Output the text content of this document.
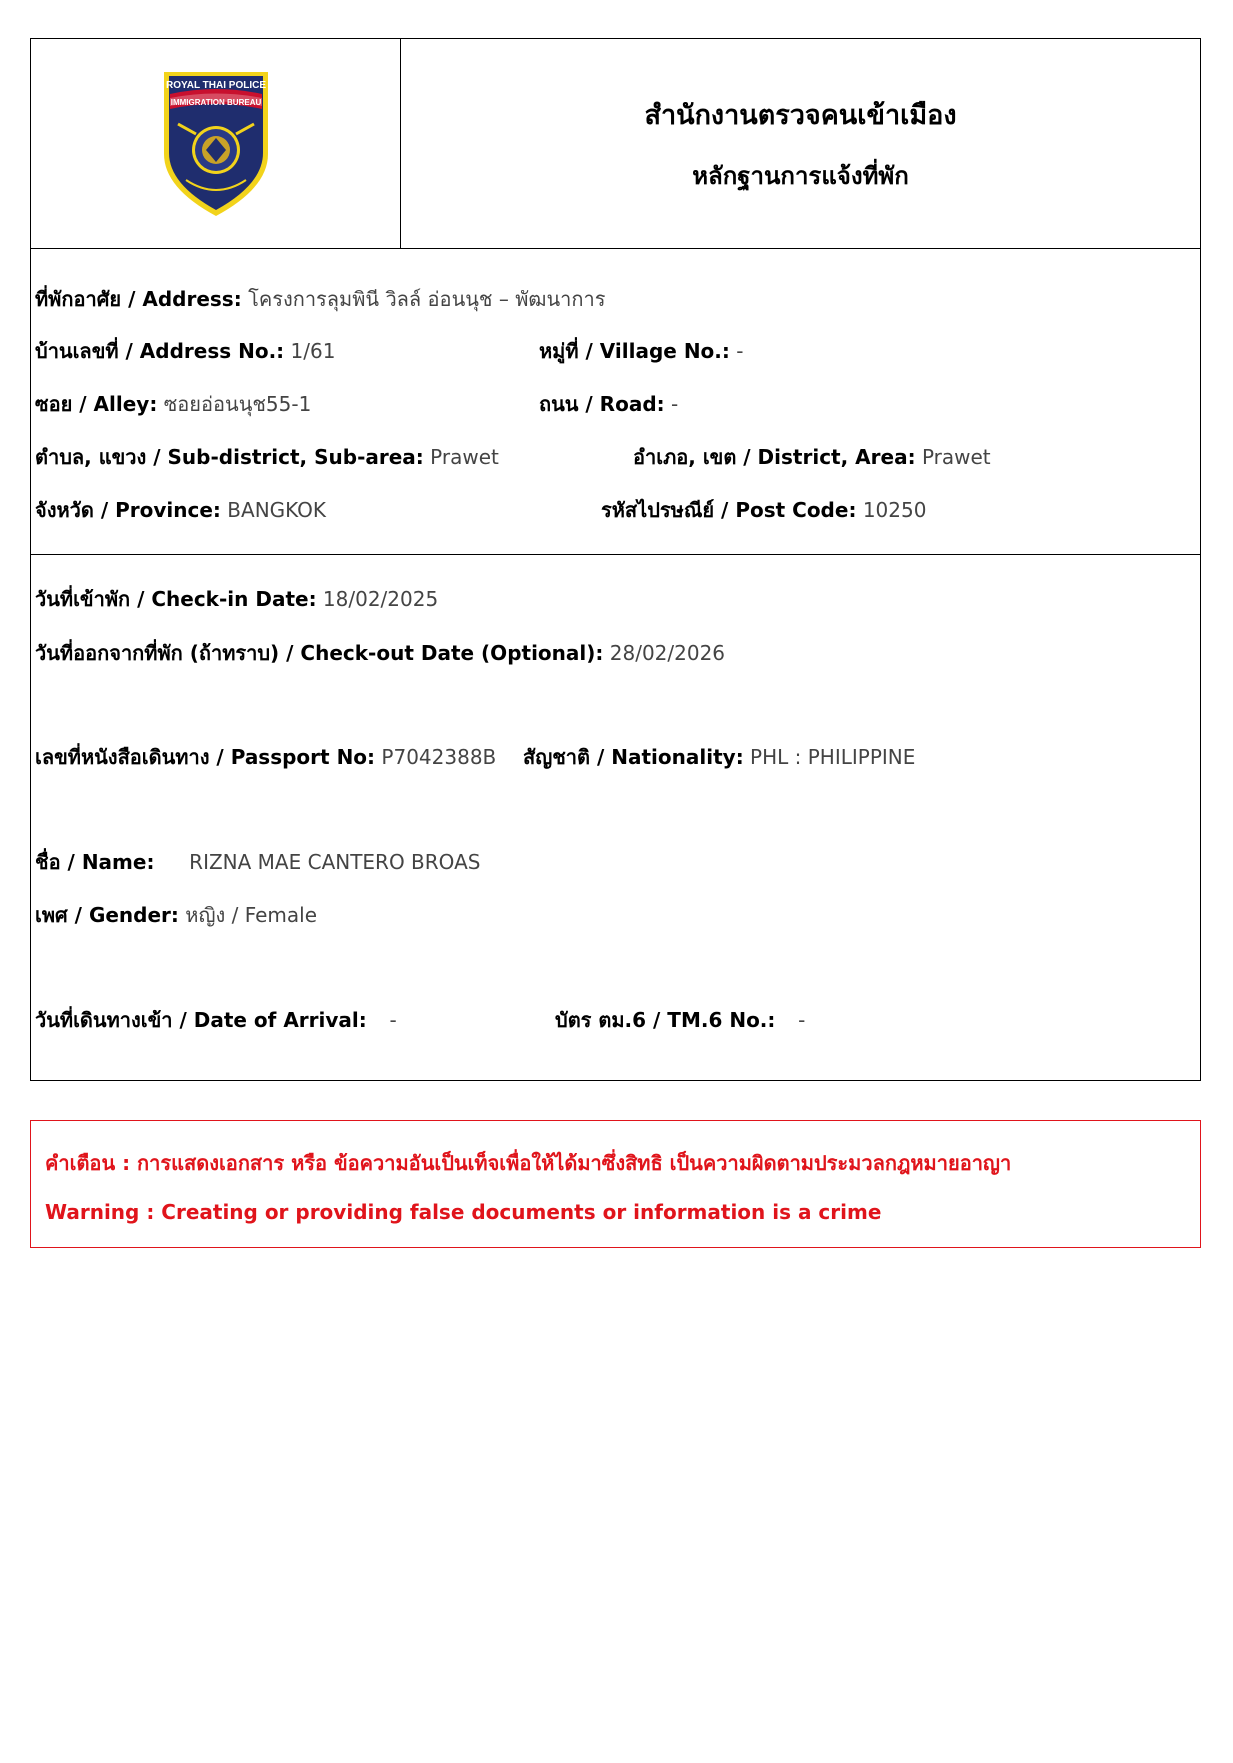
ROYAL THAI POLICE
IMMIGRATION BUREAU	สำนักงานตรวจคนเข้าเมือง
หลักฐานการแจ้งที่พัก
ที่พักอาศัย / Address: โครงการลุมพินี วิลล์ อ่อนนุช – พัฒนาการ
บ้านเลขที่ / Address No.: 1/61	หมู่ที่ / Village No.: -
ซอย / Alley: ซอยอ่อนนุช55-1	ถนน / Road: -
ตำบล, แขวง / Sub-district, Sub-area: Prawet	อำเภอ, เขต / District, Area: Prawet
จังหวัด / Province: BANGKOK	รหัสไปรษณีย์ / Post Code: 10250
วันที่เข้าพัก / Check-in Date: 18/02/2025
วันที่ออกจากที่พัก (ถ้าทราบ) / Check-out Date (Optional): 28/02/2026
เลขที่หนังสือเดินทาง / Passport No: P7042388B สัญชาติ / Nationality: PHL : PHILIPPINE
ชื่อ / Name: RIZNA MAE CANTERO BROAS
เพศ / Gender: หญิง / Female
วันที่เดินทางเข้า / Date of Arrival: -	บัตร ตม.6 / TM.6 No.: -
คำเตือน : การแสดงเอกสาร หรือ ข้อความอันเป็นเท็จเพื่อให้ได้มาซึ่งสิทธิ เป็นความผิดตามประมวลกฎหมายอาญา
Warning : Creating or providing false documents or information is a crime
